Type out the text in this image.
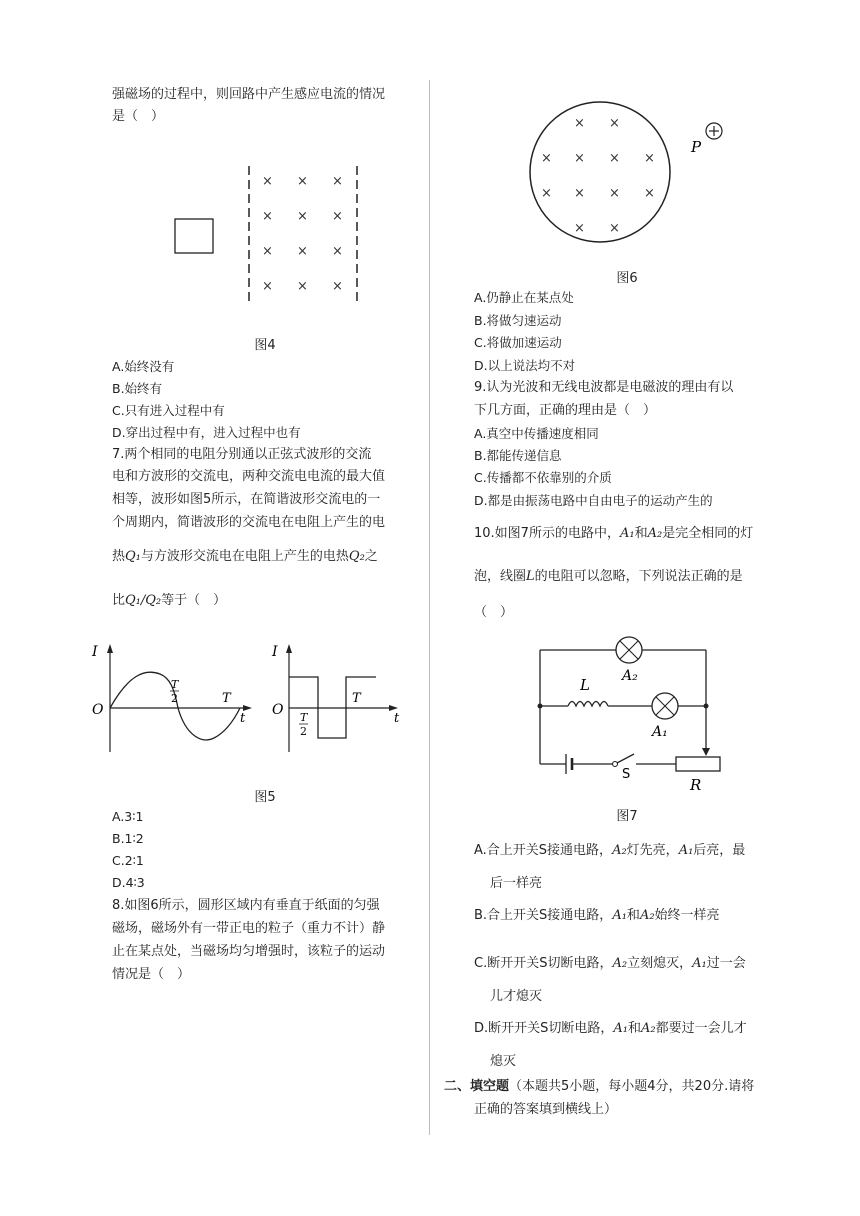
强磁场的过程中，则回路中产生感应电流的情况
是（　）
× × ×
× × ×
× × ×
× × ×
图4
A.始终没有
B.始终有
C.只有进入过程中有
D.穿出过程中有，进入过程中也有
7.两个相同的电阻分别通以正弦式波形的交流
电和方波形的交流电，两种交流电电流的最大值
相等，波形如图5所示，在简谐波形交流电的一
个周期内，简谐波形的交流电在电阻上产生的电
热Q₁与方波形交流电在电阻上产生的电热Q₂之
比Q₁/Q₂等于（　）
I
O
t
T
2	T
I
O
t
T
2
T
图5
A.3∶1
B.1∶2
C.2∶1
D.4∶3
8.如图6所示，圆形区域内有垂直于纸面的匀强
磁场，磁场外有一带正电的粒子（重力不计）静
止在某点处，当磁场均匀增强时，该粒子的运动
情况是（　）
× ×
× × × ×
× × × ×
× ×
P
图6
A.仍静止在某点处
B.将做匀速运动
C.将做加速运动
D.以上说法均不对
9.认为光波和无线电波都是电磁波的理由有以
下几方面，正确的理由是（　）
A.真空中传播速度相同
B.都能传递信息
C.传播都不依靠别的介质
D.都是由振荡电路中自由电子的运动产生的
10.如图7所示的电路中，A₁和A₂是完全相同的灯
泡，线圈L的电阻可以忽略，下列说法正确的是
（　）
A₂
L
A₁
S
R
图7
A.合上开关S接通电路，A₂灯先亮，A₁后亮，最
后一样亮
B.合上开关S接通电路，A₁和A₂始终一样亮
C.断开开关S切断电路，A₂立刻熄灭，A₁过一会
儿才熄灭
D.断开开关S切断电路，A₁和A₂都要过一会儿才
熄灭
二、填空题（本题共5小题，每小题4分，共20分.请将
正确的答案填到横线上）
